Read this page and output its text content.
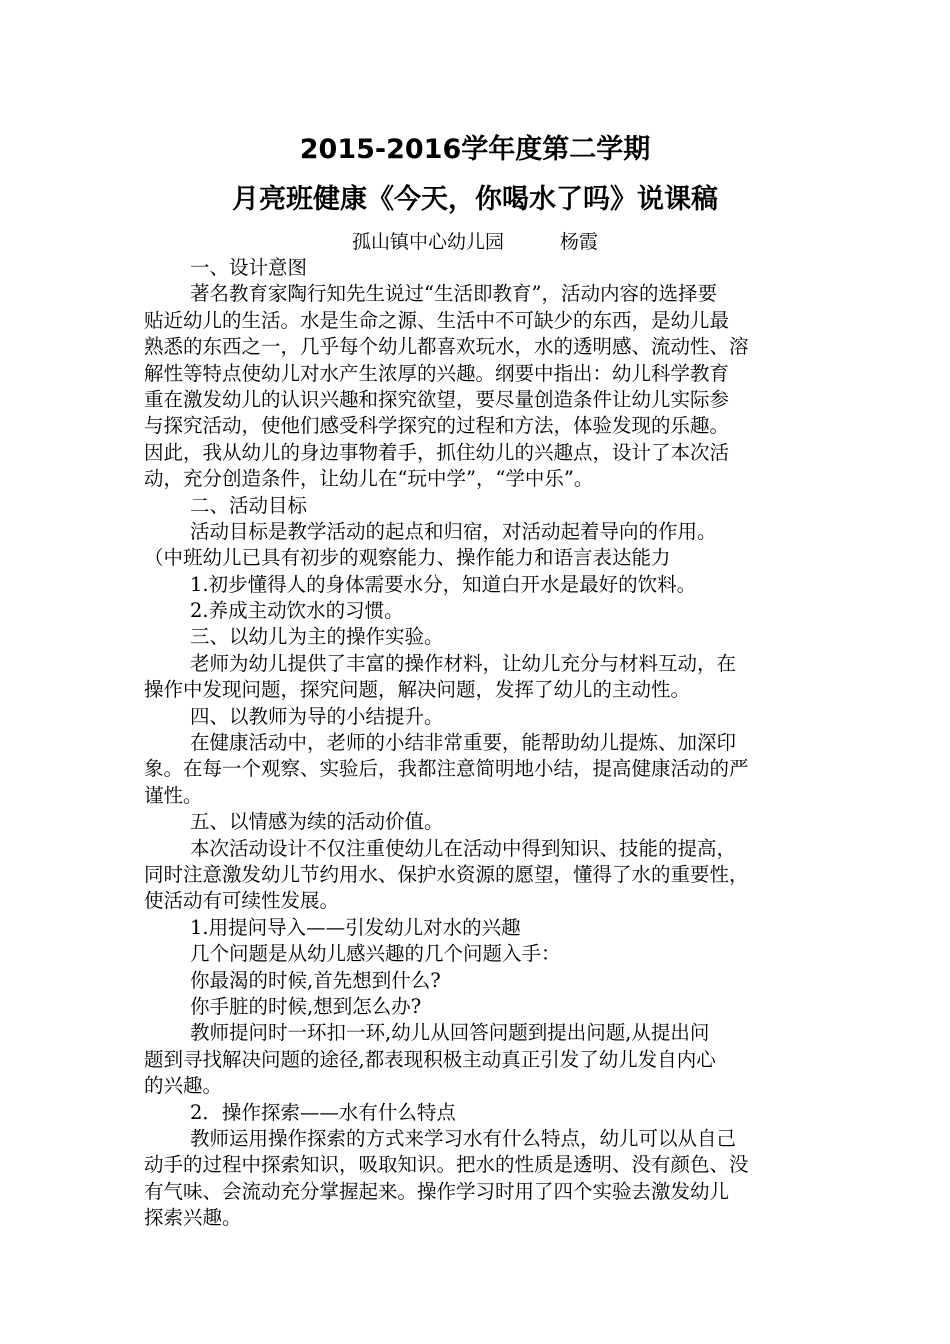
2015-2016学年度第二学期
月亮班健康《今天，你喝水了吗》说课稿
孤山镇中心幼儿园	杨霞
一、设计意图
著名教育家陶行知先生说过“生活即教育”，活动内容的选择要
贴近幼儿的生活。水是生命之源、生活中不可缺少的东西，是幼儿最
熟悉的东西之一，几乎每个幼儿都喜欢玩水，水的透明感、流动性、溶
解性等特点使幼儿对水产生浓厚的兴趣。纲要中指出：幼儿科学教育
重在激发幼儿的认识兴趣和探究欲望，要尽量创造条件让幼儿实际参
与探究活动，使他们感受科学探究的过程和方法，体验发现的乐趣。
因此，我从幼儿的身边事物着手，抓住幼儿的兴趣点，设计了本次活
动，充分创造条件，让幼儿在“玩中学”，“学中乐”。
二、活动目标
活动目标是教学活动的起点和归宿，对活动起着导向的作用。
（中班幼儿已具有初步的观察能力、操作能力和语言表达能力
1.初步懂得人的身体需要水分，知道白开水是最好的饮料。
2.养成主动饮水的习惯。
三、以幼儿为主的操作实验。
老师为幼儿提供了丰富的操作材料，让幼儿充分与材料互动，在
操作中发现问题，探究问题，解决问题，发挥了幼儿的主动性。
四、以教师为导的小结提升。
在健康活动中，老师的小结非常重要，能帮助幼儿提炼、加深印
象。在每一个观察、实验后，我都注意简明地小结，提高健康活动的严
谨性。
五、以情感为续的活动价值。
本次活动设计不仅注重使幼儿在活动中得到知识、技能的提高，
同时注意激发幼儿节约用水、保护水资源的愿望，懂得了水的重要性，
使活动有可续性发展。
1.用提问导入——引发幼儿对水的兴趣
几个问题是从幼儿感兴趣的几个问题入手：
你最渴的时候,首先想到什么?
你手脏的时候,想到怎么办?
教师提问时一环扣一环,幼儿从回答问题到提出问题,从提出问
题到寻找解决问题的途径,都表现积极主动真正引发了幼儿发自内心
的兴趣。
2．操作探索——水有什么特点
教师运用操作探索的方式来学习水有什么特点，幼儿可以从自己
动手的过程中探索知识，吸取知识。把水的性质是透明、没有颜色、没
有气味、会流动充分掌握起来。操作学习时用了四个实验去激发幼儿
探索兴趣。
